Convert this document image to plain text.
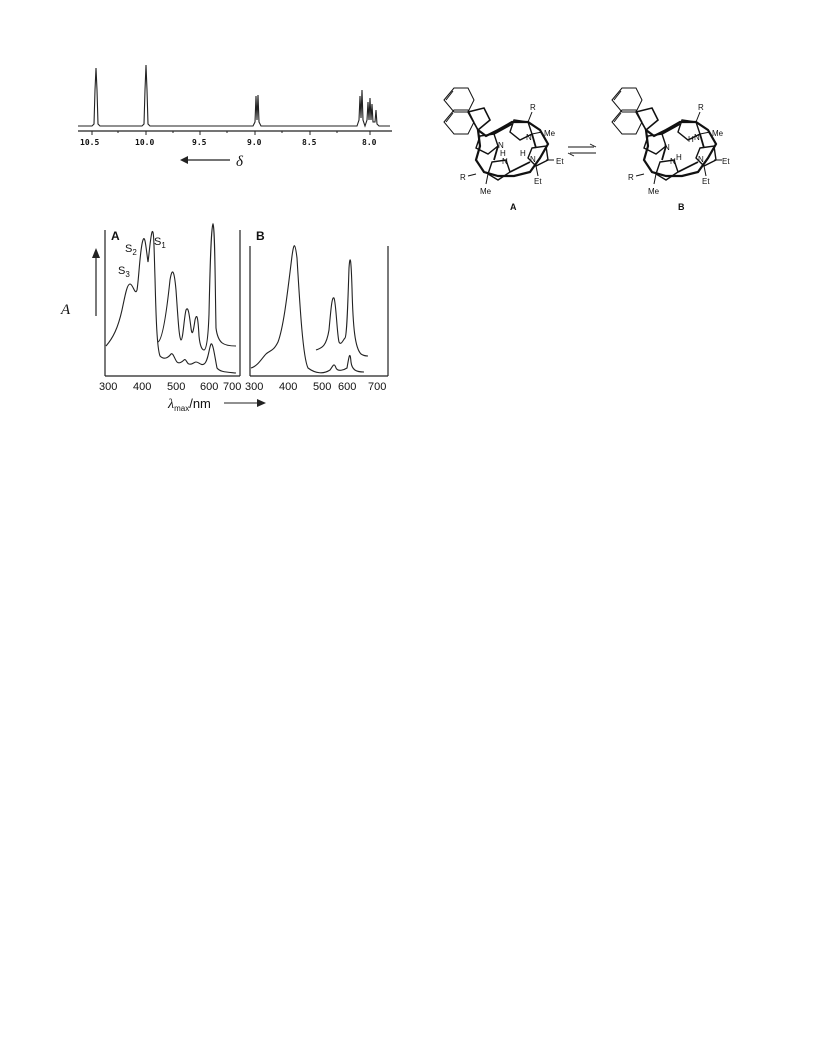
10.5	10.0	9.5	9.0	8.5	8.0
δ
A
A
$S_3$
$S_2$
$S_1$
300 400 500 600 700
B
300 400 500 600 700
$\lambda_{max}/nm$
R
Me
N
H
N
N
H
N
R
Me
Et
Et
A
R
Me
N
H N
N H N
R
Me
Et
Et
B
